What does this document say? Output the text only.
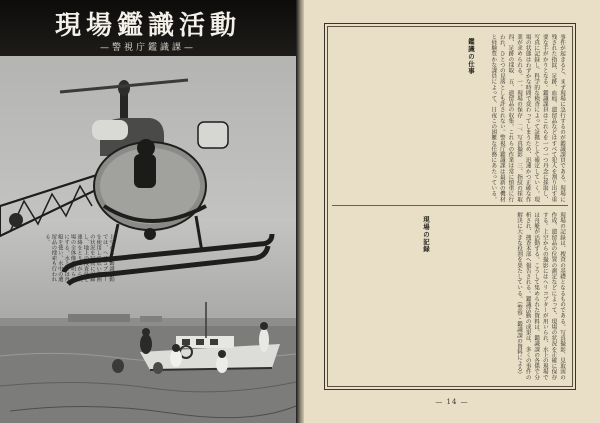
現場鑑識活動
—警視庁鑑識課—
上空からの鑑識活動では、ヘリコプターを使用して広い範囲の状況を写真に記録し、地上の捜査員と連絡をとりながら現場の全体像を明らかにする。水上では舟艇を使い、水中の遺留品の捜索も行われる。
事件が起きると、まず現場に急行するのが鑑識課員である。現場に残された指紋、足跡、血痕、遺留品などはすべて犯人を割り出す重要な手がかりとなる。鑑識課員はこれらを一つ一つ丹念に採取し、写真に記録し、科学的な検査によって証拠として確定していく。現場の状態はわずかな時間で変わってしまうため、迅速かつ正確な作業が求められる。一、現場の保存　二、写真撮影　三、指紋の採取　四、足跡の採取　五、遺留品の収集。これらの作業は常に慎重に行われ、ひとつの見落としも許されない。警視庁鑑識課は最新の機材と経験豊かな課員によって、日夜この困難な任務にあたっている。
鑑識の仕事
現場の記録は、捜査の基礎となるものである。写真撮影、見取図の作成、遺留品の位置の測定などによって、現場の状況を正確に保存する。上空からの撮影にはヘリコプターが用いられ、水上の現場では舟艇が活動する。こうして集められた資料は、鑑識課の各係で分析され、捜査本部へ報告される。鑑識活動の成果は、多くの事件の解決に大きな役割を果たしている。（警察・鑑識課の資料による）
現場の記録
— 14 —
